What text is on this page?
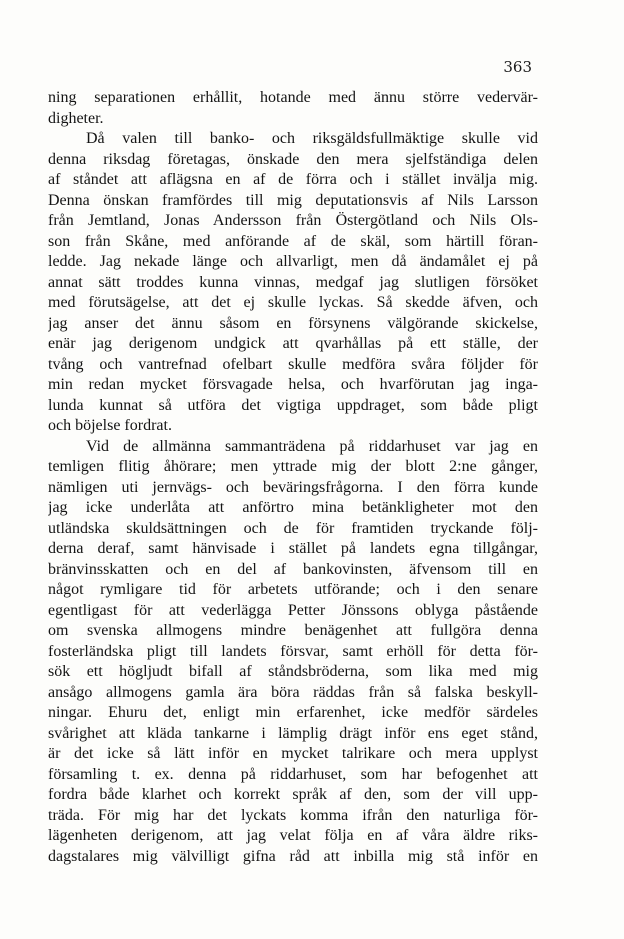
363
ning separationen erhållit, hotande med ännu större vedervär-
digheter.
Då valen till banko- och riksgäldsfullmäktige skulle vid
denna riksdag företagas, önskade den mera sjelfständiga delen
af ståndet att aflägsna en af de förra och i stället invälja mig.
Denna önskan framfördes till mig deputationsvis af Nils Larsson
från Jemtland, Jonas Andersson från Östergötland och Nils Ols-
son från Skåne, med anförande af de skäl, som härtill föran-
ledde. Jag nekade länge och allvarligt, men då ändamålet ej på
annat sätt troddes kunna vinnas, medgaf jag slutligen försöket
med förutsägelse, att det ej skulle lyckas. Så skedde äfven, och
jag anser det ännu såsom en försynens välgörande skickelse,
enär jag derigenom undgick att qvarhållas på ett ställe, der
tvång och vantrefnad ofelbart skulle medföra svåra följder för
min redan mycket försvagade helsa, och hvarförutan jag inga-
lunda kunnat så utföra det vigtiga uppdraget, som både pligt
och böjelse fordrat.
Vid de allmänna sammanträdena på riddarhuset var jag en
temligen flitig åhörare; men yttrade mig der blott 2:ne gånger,
nämligen uti jernvägs- och beväringsfrågorna. I den förra kunde
jag icke underlåta att anförtro mina betänkligheter mot den
utländska skuldsättningen och de för framtiden tryckande följ-
derna deraf, samt hänvisade i stället på landets egna tillgångar,
bränvinsskatten och en del af bankovinsten, äfvensom till en
något rymligare tid för arbetets utförande; och i den senare
egentligast för att vederlägga Petter Jönssons oblyga påstående
om svenska allmogens mindre benägenhet att fullgöra denna
fosterländska pligt till landets försvar, samt erhöll för detta för-
sök ett högljudt bifall af ståndsbröderna, som lika med mig
ansågo allmogens gamla ära böra räddas från så falska beskyll-
ningar. Ehuru det, enligt min erfarenhet, icke medför särdeles
svårighet att kläda tankarne i lämplig drägt inför ens eget stånd,
är det icke så lätt inför en mycket talrikare och mera upplyst
församling t. ex. denna på riddarhuset, som har befogenhet att
fordra både klarhet och korrekt språk af den, som der vill upp-
träda. För mig har det lyckats komma ifrån den naturliga för-
lägenheten derigenom, att jag velat följa en af våra äldre riks-
dagstalares mig välvilligt gifna råd att inbilla mig stå inför en
